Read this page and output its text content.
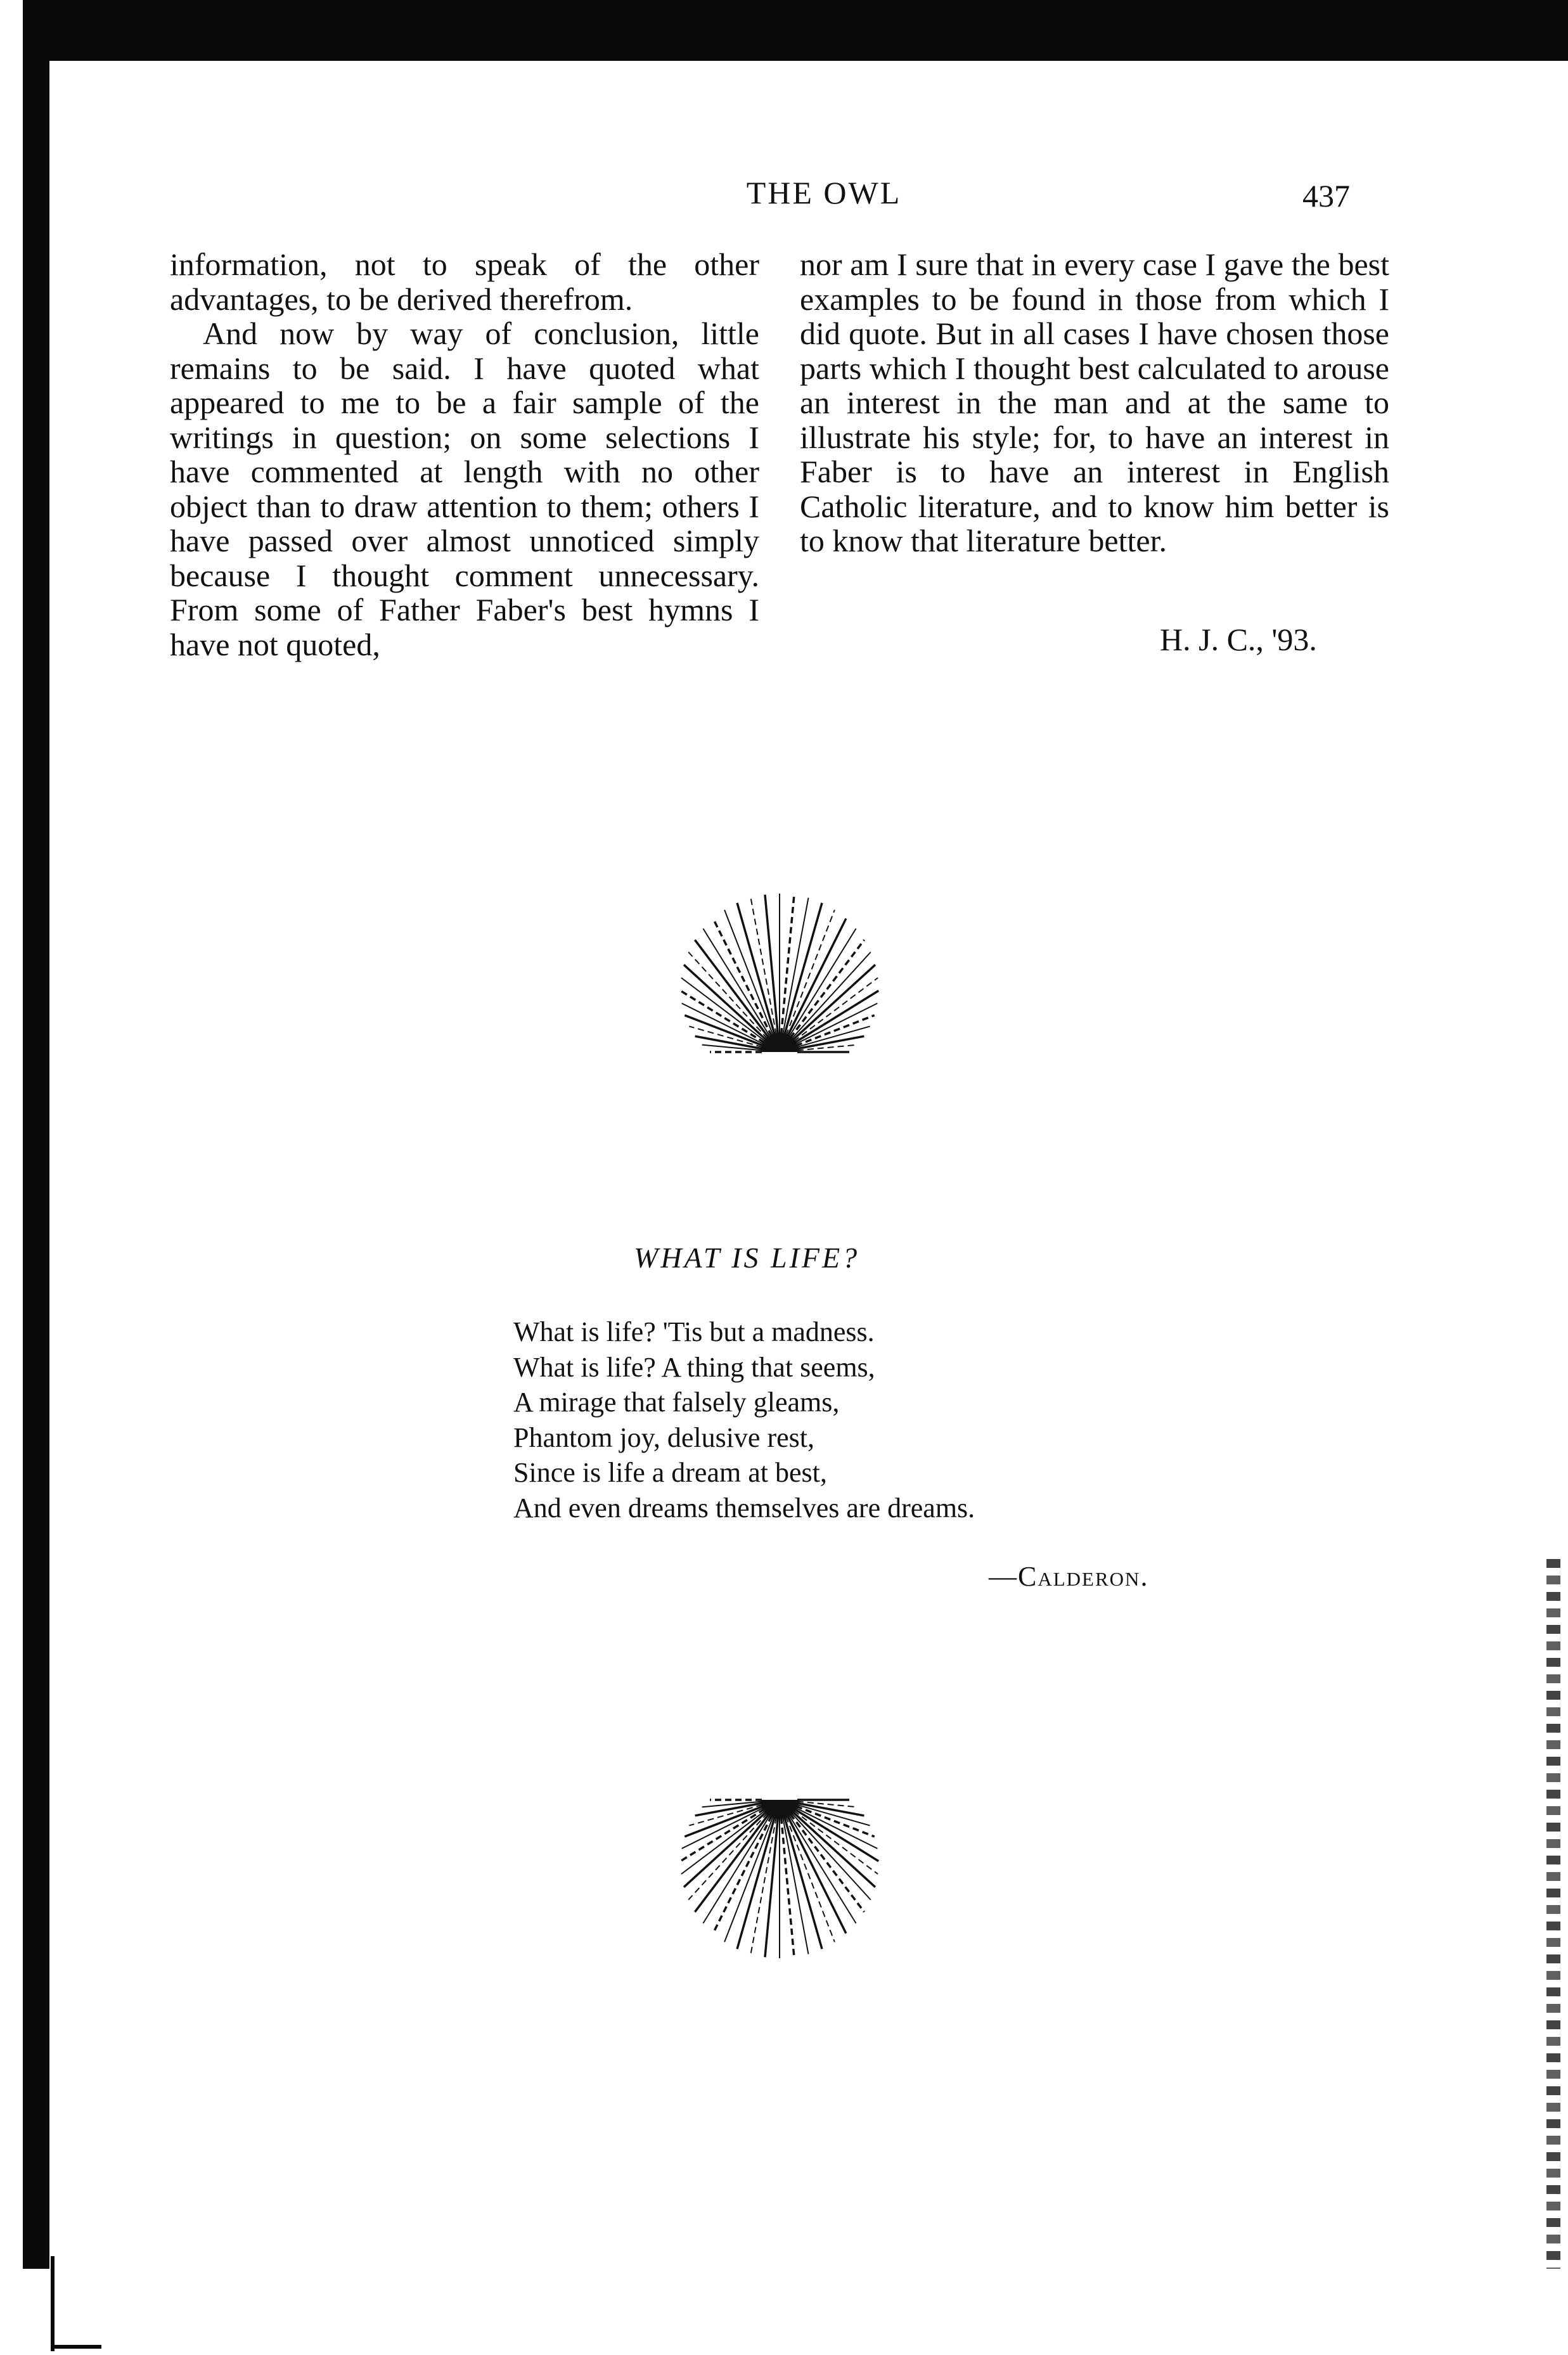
THE OWL	437

information, not to speak of the other advantages, to be derived therefrom.

And now by way of conclusion, little remains to be said. I have quoted what appeared to me to be a fair sample of the writings in question; on some selections I have commented at length with no other object than to draw attention to them; others I have passed over almost unnoticed simply because I thought comment unnecessary. From some of Father Faber's best hymns I have not quoted,

nor am I sure that in every case I gave the best examples to be found in those from which I did quote. But in all cases I have chosen those parts which I thought best calculated to arouse an interest in the man and at the same to illustrate his style; for, to have an interest in Faber is to have an interest in English Catholic literature, and to know him better is to know that literature better.

H. J. C., '93.
WHAT IS LIFE?
What is life? 'Tis but a madness.
What is life? A thing that seems,
A mirage that falsely gleams,
Phantom joy, delusive rest,
Since is life a dream at best,
And even dreams themselves are dreams.
—Calderon.
